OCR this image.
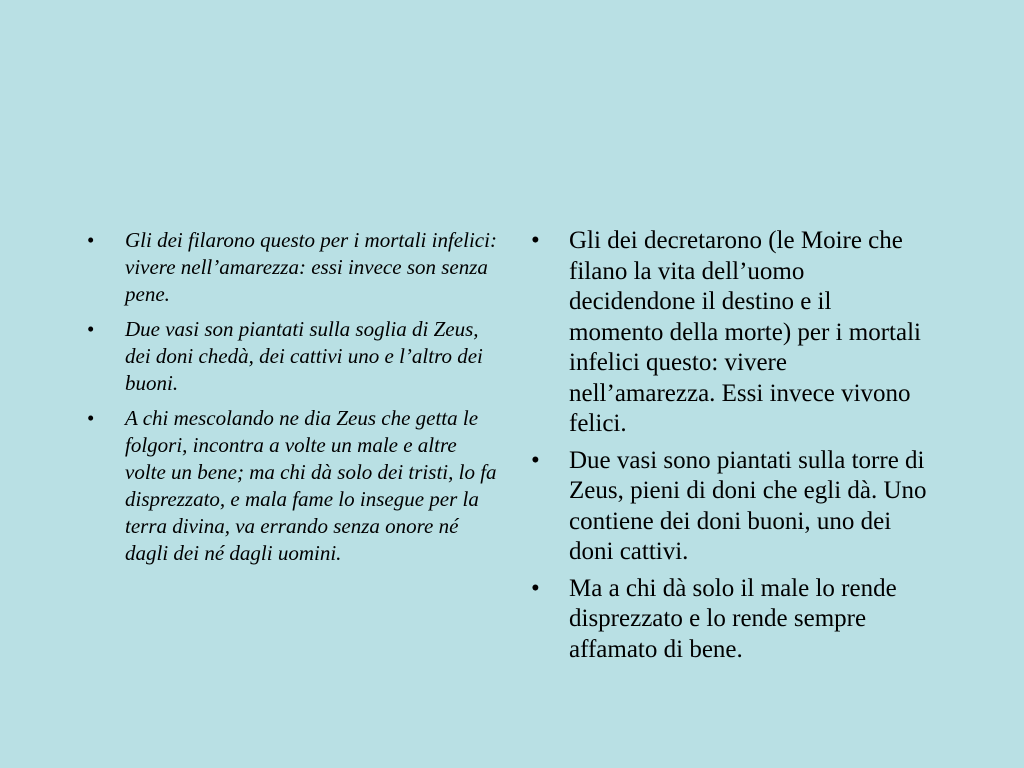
• Gli dei filarono questo per i mortali infelici: vivere nell’amarezza: essi invece son senza pene.
• Due vasi son piantati sulla soglia di Zeus, dei doni chedà, dei cattivi uno e l’altro dei buoni.
• A chi mescolando ne dia Zeus che getta le folgori, incontra a volte un male e altre volte un bene; ma chi dà solo dei tristi, lo fa disprezzato, e mala fame lo insegue per la terra divina, va errando senza onore né dagli dei né dagli uomini.
• Gli dei decretarono (le Moire che filano la vita dell’uomo decidendone il destino e il momento della morte) per i mortali infelici questo: vivere nell’amarezza. Essi invece vivono felici.
• Due vasi sono piantati sulla torre di Zeus, pieni di doni che egli dà. Uno contiene dei doni buoni, uno dei doni cattivi.
• Ma a chi dà solo il male lo rende disprezzato e lo rende sempre affamato di bene.
